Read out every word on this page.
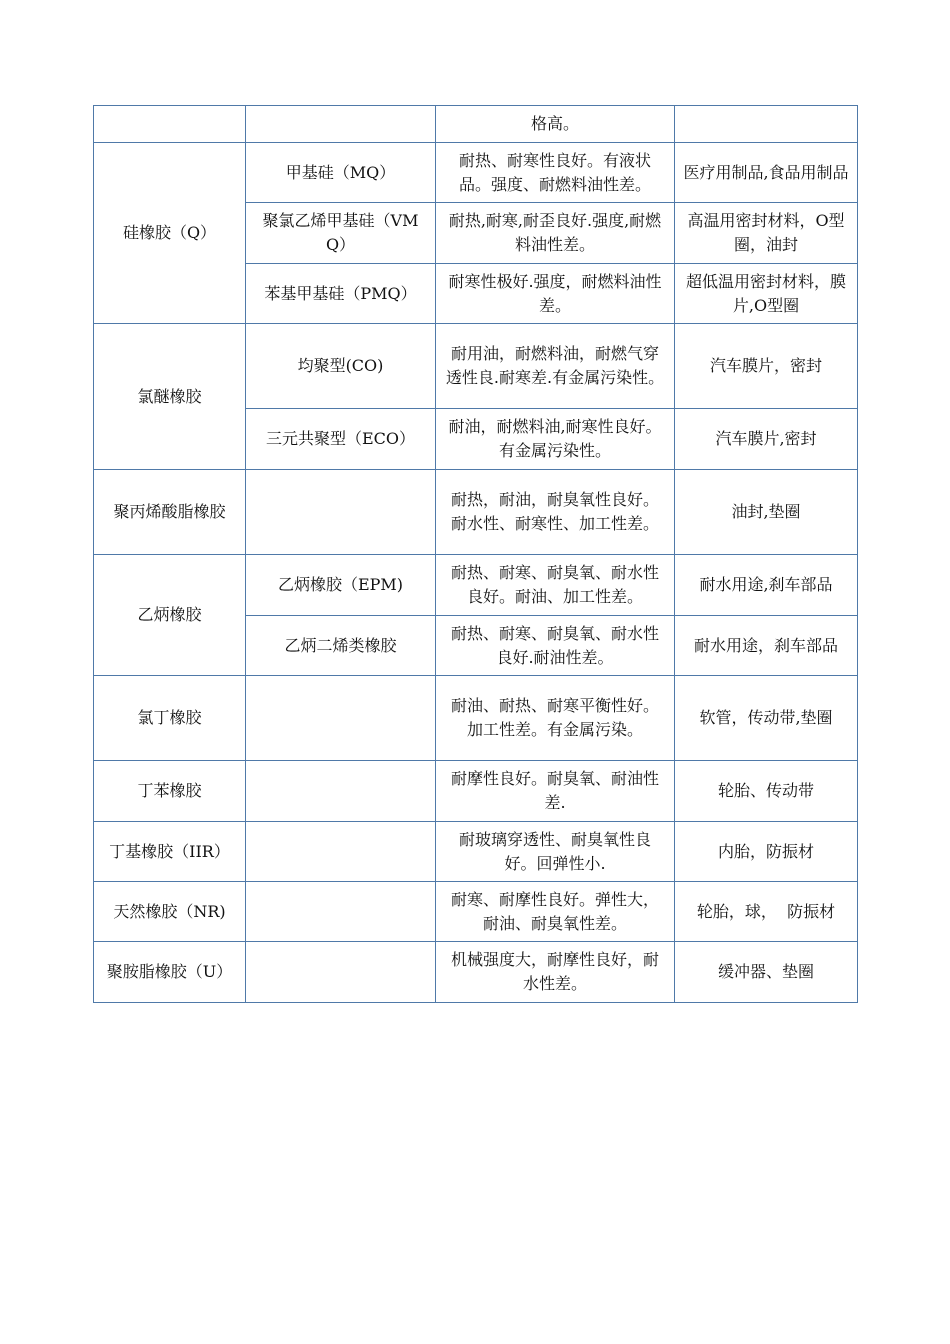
		格高。	
硅橡胶（Q）	甲基硅（MQ）	耐热、耐寒性良好。有液状品。强度、耐燃料油性差。	医疗用制品,食品用制品
	聚氯乙烯甲基硅（VMQ）	耐热,耐寒,耐歪良好.强度,耐燃料油性差。	高温用密封材料，O型圈，油封
	苯基甲基硅（PMQ）	耐寒性极好.强度，耐燃料油性差。	超低温用密封材料，膜片,O型圈
氯醚橡胶	均聚型(CO)	耐用油，耐燃料油，耐燃气穿透性良.耐寒差.有金属污染性。	汽车膜片，密封
	三元共聚型（ECO）	耐油，耐燃料油,耐寒性良好。有金属污染性。	汽车膜片,密封
聚丙烯酸脂橡胶		耐热，耐油，耐臭氧性良好。耐水性、耐寒性、加工性差。	油封,垫圈
乙炳橡胶	乙炳橡胶（EPM)	耐热、耐寒、耐臭氧、耐水性良好。耐油、加工性差。	耐水用途,刹车部品
	乙炳二烯类橡胶	耐热、耐寒、耐臭氧、耐水性良好.耐油性差。	耐水用途，刹车部品
氯丁橡胶		耐油、耐热、耐寒平衡性好。加工性差。有金属污染。	软管，传动带,垫圈
丁苯橡胶		耐摩性良好。耐臭氧、耐油性差.	轮胎、传动带
丁基橡胶（IIR）		耐玻璃穿透性、耐臭氧性良好。回弹性小.	内胎，防振材
天然橡胶（NR)		耐寒、耐摩性良好。弹性大，耐油、耐臭氧性差。	轮胎，球，  防振材
聚胺脂橡胶（U）		机械强度大，耐摩性良好，耐水性差。	缓冲器、垫圈
